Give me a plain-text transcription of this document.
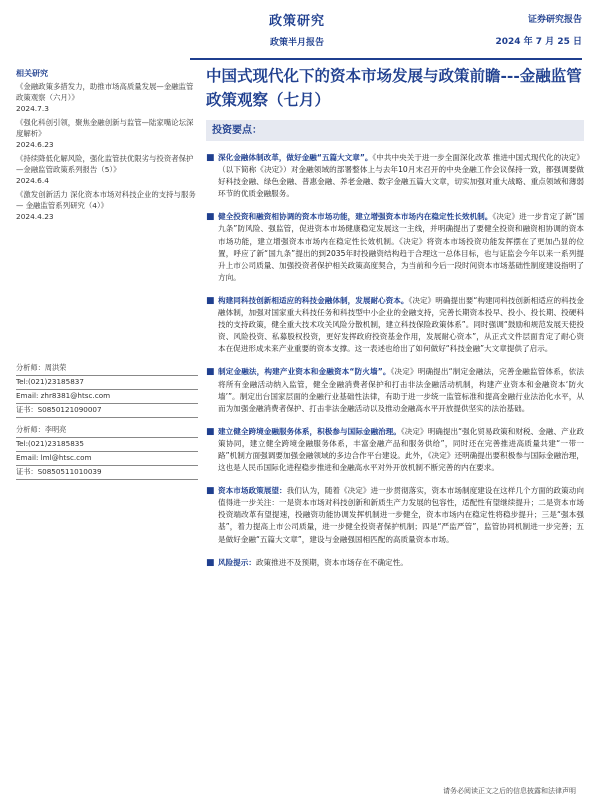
政策研究
政策半月报告
证券研究报告
2024 年 7 月 25 日
相关研究
《金融政策多措发力，助推市场高质量发展—金融监管政策观察（六月）》
2024.7.3
《强化科创引领，聚焦金融创新与监管—陆家嘴论坛深度解析》
2024.6.23
《持续降低化解风险，强化监管扶优限劣与投资者保护—金融监管政策系列报告（5）》
2024.6.4
《激发创新活力 深化资本市场对科技企业的支持与服务 — 金融监管系列研究（4）》
2024.4.23
分析师：周洪荣
Tel:(021)23185837
Email: zhr8381@htsc.com
证书：S0850121090007
分析师：李明亮
Tel:(021)23185835
Email: lml@htsc.com
证书：S0850511010039
中国式现代化下的资本市场发展与政策前瞻---金融监管政策观察（七月）
投资要点：
■ 深化金融体制改革，做好金融“五篇大文章”。《中共中央关于进一步全面深化改革 推进中国式现代化的决定》（以下简称《决定》）对金融领域的部署整体上与去年10月末召开的中央金融工作会议保持一致，都强调要做好科技金融、绿色金融、普惠金融、养老金融、数字金融五篇大文章，切实加强对重大战略、重点领域和薄弱环节的优质金融服务。
■ 健全投资和融资相协调的资本市场功能，建立增强资本市场内在稳定性长效机制。《决定》进一步肯定了新“国九条”防风险、强监管，促进资本市场健康稳定发展这一主线，并明确提出了要健全投资和融资相协调的资本市场功能，建立增强资本市场内在稳定性长效机制。《决定》将资本市场投资功能发挥摆在了更加凸显的位置，呼应了新“国九条”提出的到2035年时投融资结构趋于合理这一总体目标，也与证监会今年以来一系列提升上市公司质量、加强投资者保护相关政策高度契合，为当前和今后一段时间资本市场基础性制度建设指明了方向。
■ 构建同科技创新相适应的科技金融体制，发展耐心资本。《决定》明确提出要“构建同科技创新相适应的科技金融体制，加强对国家重大科技任务和科技型中小企业的金融支持，完善长期资本投早、投小、投长期、投硬科技的支持政策，健全重大技术攻关风险分散机制，建立科技保险政策体系”。同时强调“鼓励和规范发展天使投资、风险投资、私募股权投资，更好发挥政府投资基金作用，发展耐心资本”，从正式文件层面肯定了耐心资本在促进形成未来产业重要的资本支撑。这一表述也给出了如何做好“科技金融”大文章提供了启示。
■ 制定金融法，构建产业资本和金融资本“防火墙”。《决定》明确提出“制定金融法，完善金融监管体系，依法将所有金融活动纳入监管，健全金融消费者保护和打击非法金融活动机制，构建产业资本和金融资本‘防火墙’”。制定出台国家层面的金融行业基础性法律，有助于进一步统一监管标准和提高金融行业法治化水平，从而为加强金融消费者保护、打击非法金融活动以及推动金融高水平开放提供坚实的法治基础。
■ 建立健全跨境金融服务体系，积极参与国际金融治理。《决定》明确提出“强化贸易政策和财税、金融、产业政策协同，建立健全跨境金融服务体系，丰富金融产品和服务供给”，同时还在完善推进高质量共建“一带一路”机制方面强调要加强金融领域的多边合作平台建设。此外，《决定》还明确提出要积极参与国际金融治理，这也是人民币国际化进程稳步推进和金融高水平对外开放机制不断完善的内在要求。
■ 资本市场政策展望：我们认为，随着《决定》进一步贯彻落实，资本市场制度建设在这样几个方面的政策动向值得进一步关注：一是资本市场对科技创新和新质生产力发展的包容性，适配性有望继续提升；二是资本市场投资端改革有望提速，投融资功能协调发挥机制进一步健全，资本市场内在稳定性将稳步提升；三是“强本强基”，着力提高上市公司质量，进一步健全投资者保护机制；四是“严监严管”，监管协同机制进一步完善；五是做好金融“五篇大文章”，建设与金融强国相匹配的高质量资本市场。
■ 风险提示：政策推进不及预期，资本市场存在不确定性。
请务必阅读正文之后的信息披露和法律声明
